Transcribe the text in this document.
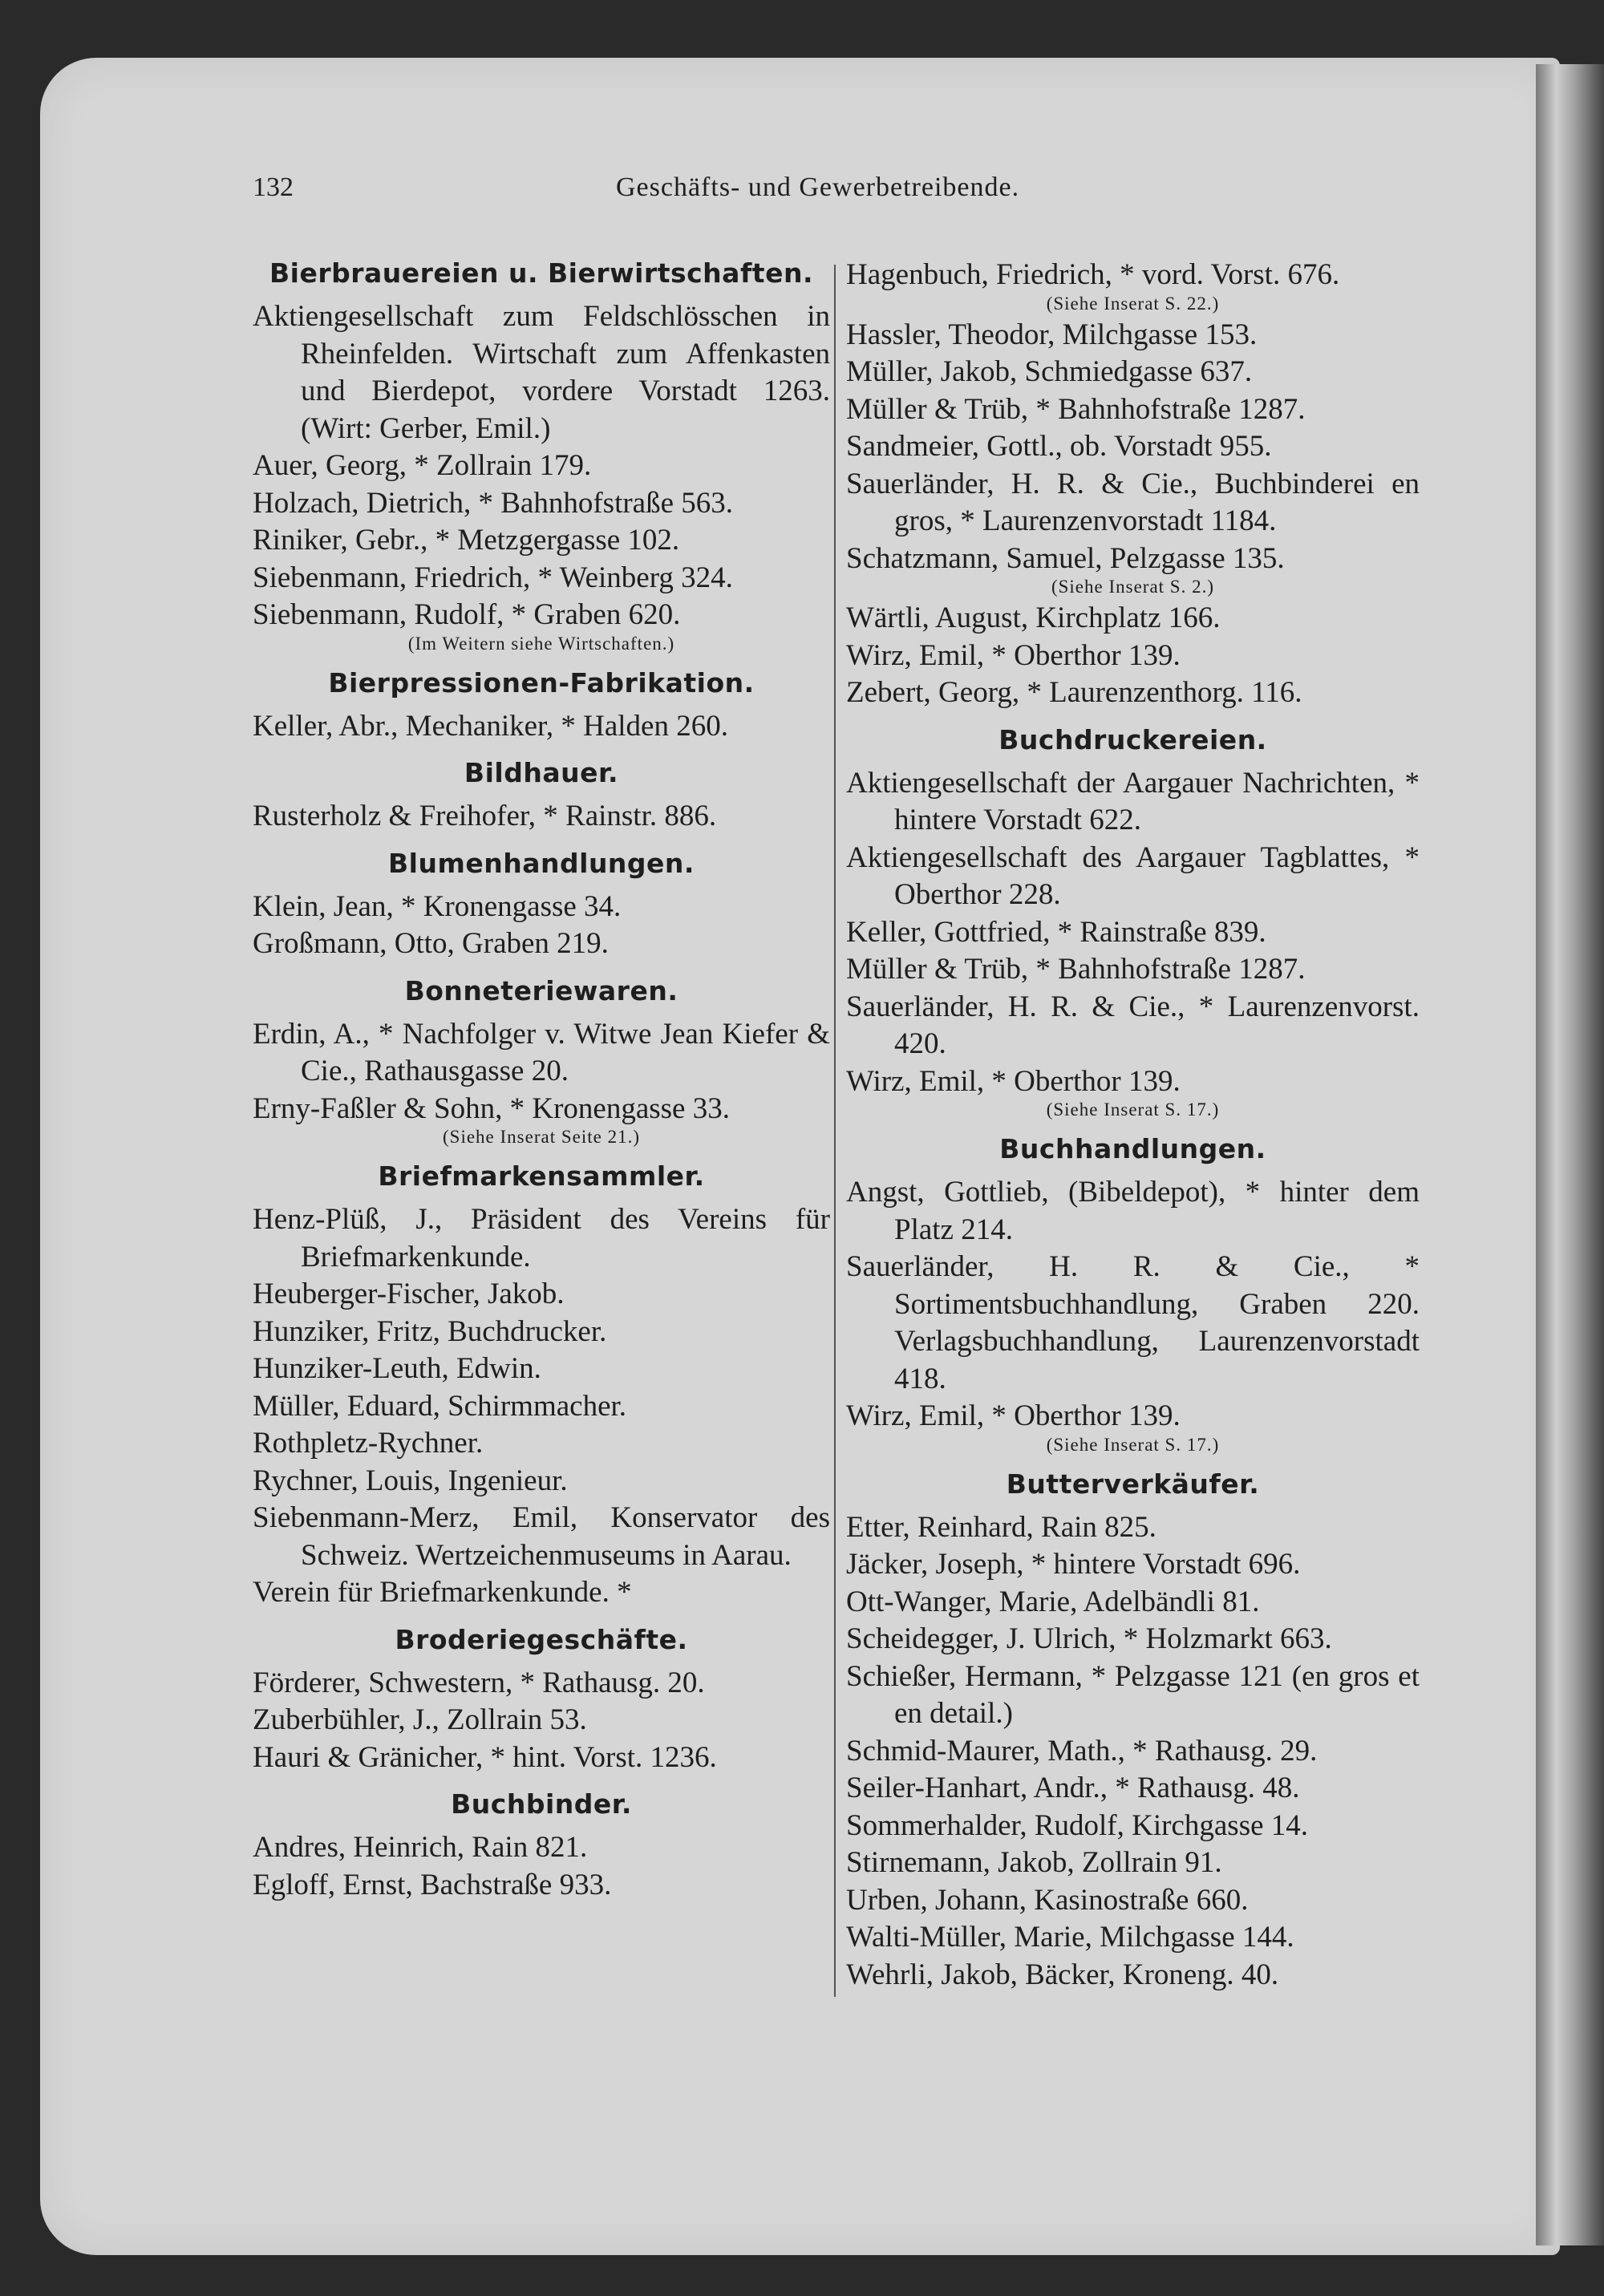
132	Geschäfts- und Gewerbetreibende.
Bierbrauereien u. Bierwirtschaften.
Aktiengesellschaft zum Feldschlösschen in Rheinfelden. Wirtschaft zum Affenkasten und Bierdepot, vordere Vorstadt 1263. (Wirt: Gerber, Emil.)
Auer, Georg, * Zollrain 179.
Holzach, Dietrich, * Bahnhofstraße 563.
Riniker, Gebr., * Metzgergasse 102.
Siebenmann, Friedrich, * Weinberg 324.
Siebenmann, Rudolf, * Graben 620.
(Im Weitern siehe Wirtschaften.)
Bierpressionen-Fabrikation.
Keller, Abr., Mechaniker, * Halden 260.
Bildhauer.
Rusterholz & Freihofer, * Rainstr. 886.
Blumenhandlungen.
Klein, Jean, * Kronengasse 34.
Großmann, Otto, Graben 219.
Bonneteriewaren.
Erdin, A., * Nachfolger v. Witwe Jean Kiefer & Cie., Rathausgasse 20.
Erny-Faßler & Sohn, * Kronengasse 33.
(Siehe Inserat Seite 21.)
Briefmarkensammler.
Henz-Plüß, J., Präsident des Vereins für Briefmarkenkunde.
Heuberger-Fischer, Jakob.
Hunziker, Fritz, Buchdrucker.
Hunziker-Leuth, Edwin.
Müller, Eduard, Schirmmacher.
Rothpletz-Rychner.
Rychner, Louis, Ingenieur.
Siebenmann-Merz, Emil, Konservator des Schweiz. Wertzeichenmuseums in Aarau.
Verein für Briefmarkenkunde. *
Broderiegeschäfte.
Förderer, Schwestern, * Rathausg. 20.
Zuberbühler, J., Zollrain 53.
Hauri & Gränicher, * hint. Vorst. 1236.
Buchbinder.
Andres, Heinrich, Rain 821.
Egloff, Ernst, Bachstraße 933.
Hagenbuch, Friedrich, * vord. Vorst. 676.
(Siehe Inserat S. 22.)
Hassler, Theodor, Milchgasse 153.
Müller, Jakob, Schmiedgasse 637.
Müller & Trüb, * Bahnhofstraße 1287.
Sandmeier, Gottl., ob. Vorstadt 955.
Sauerländer, H. R. & Cie., Buchbinderei en gros, * Laurenzenvorstadt 1184.
Schatzmann, Samuel, Pelzgasse 135.
(Siehe Inserat S. 2.)
Wärtli, August, Kirchplatz 166.
Wirz, Emil, * Oberthor 139.
Zebert, Georg, * Laurenzenthorg. 116.
Buchdruckereien.
Aktiengesellschaft der Aargauer Nachrichten, * hintere Vorstadt 622.
Aktiengesellschaft des Aargauer Tagblattes, * Oberthor 228.
Keller, Gottfried, * Rainstraße 839.
Müller & Trüb, * Bahnhofstraße 1287.
Sauerländer, H. R. & Cie., * Laurenzenvorst. 420.
Wirz, Emil, * Oberthor 139.
(Siehe Inserat S. 17.)
Buchhandlungen.
Angst, Gottlieb, (Bibeldepot), * hinter dem Platz 214.
Sauerländer, H. R. & Cie., * Sortimentsbuchhandlung, Graben 220. Verlagsbuchhandlung, Laurenzenvorstadt 418.
Wirz, Emil, * Oberthor 139.
(Siehe Inserat S. 17.)
Butterverkäufer.
Etter, Reinhard, Rain 825.
Jäcker, Joseph, * hintere Vorstadt 696.
Ott-Wanger, Marie, Adelbändli 81.
Scheidegger, J. Ulrich, * Holzmarkt 663.
Schießer, Hermann, * Pelzgasse 121 (en gros et en detail.)
Schmid-Maurer, Math., * Rathausg. 29.
Seiler-Hanhart, Andr., * Rathausg. 48.
Sommerhalder, Rudolf, Kirchgasse 14.
Stirnemann, Jakob, Zollrain 91.
Urben, Johann, Kasinostraße 660.
Walti-Müller, Marie, Milchgasse 144.
Wehrli, Jakob, Bäcker, Kroneng. 40.
